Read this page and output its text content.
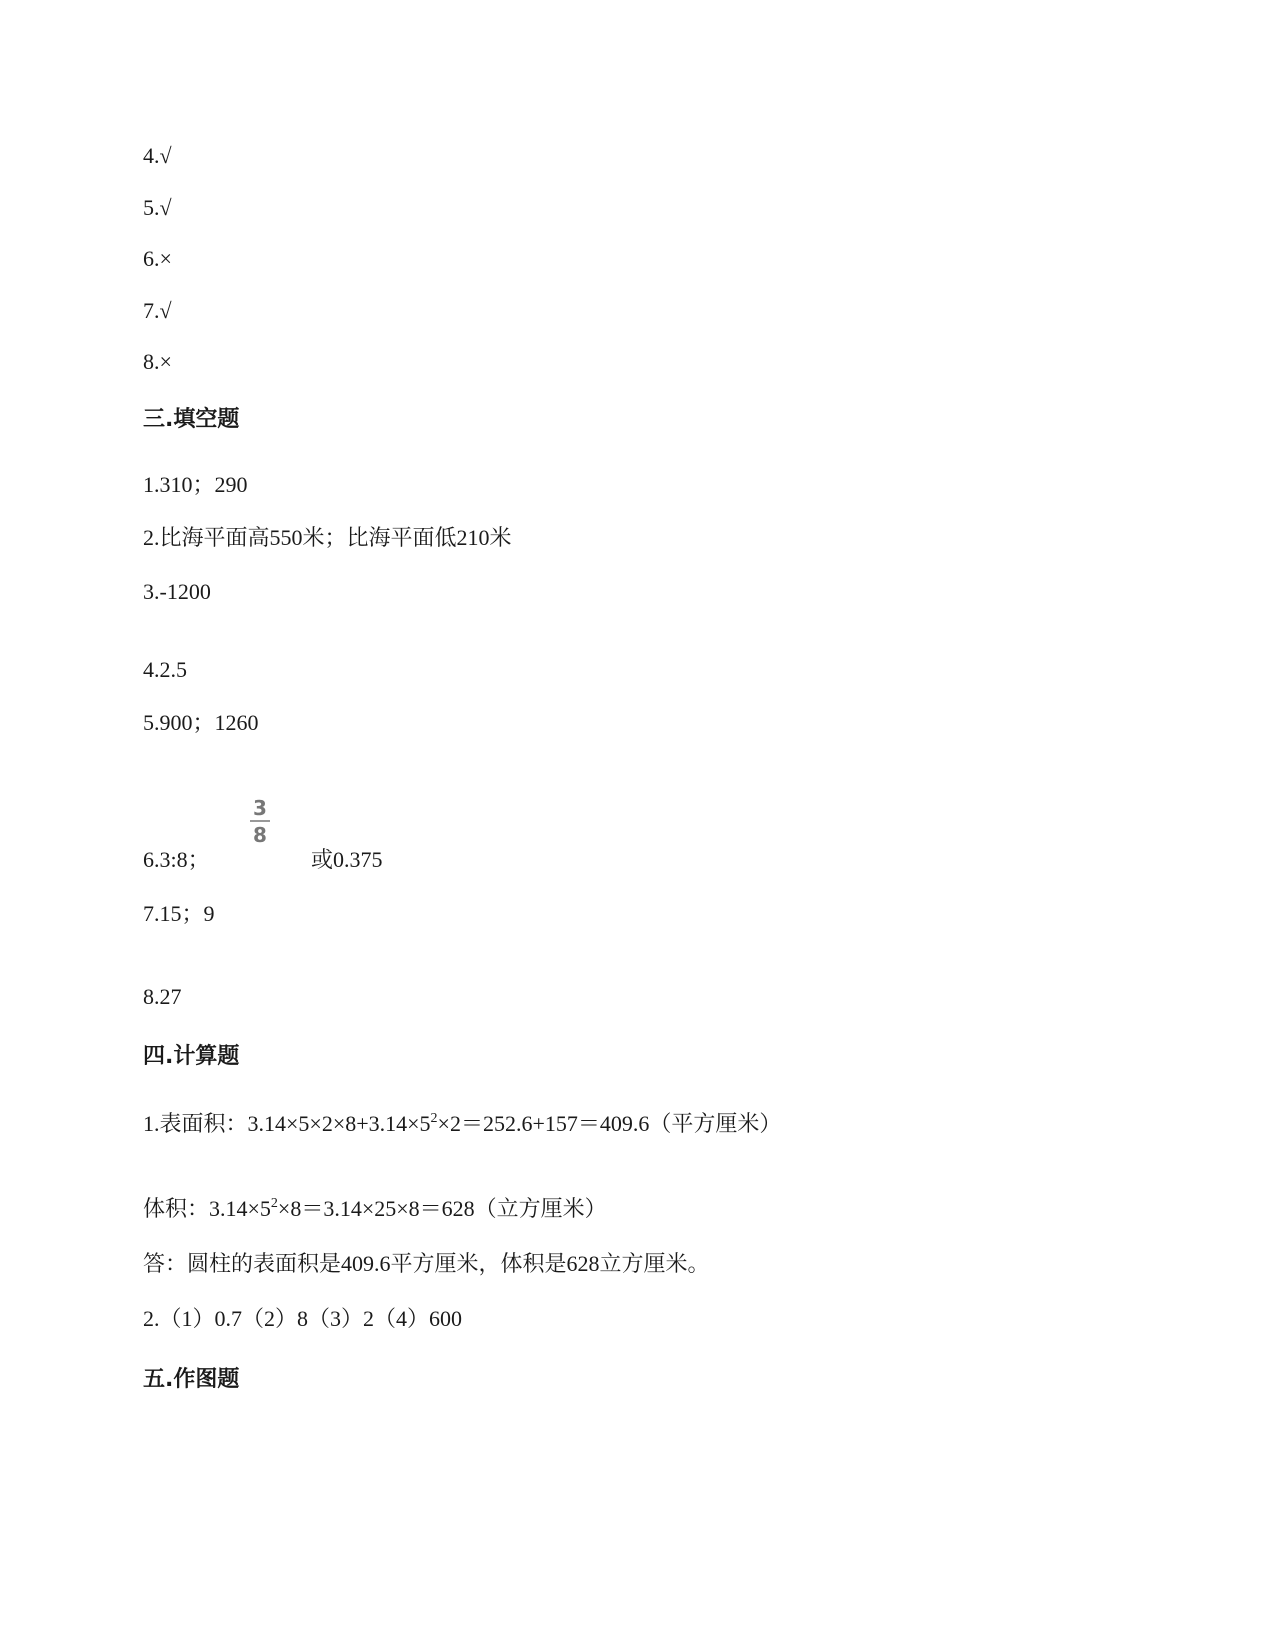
4.√
5.√
6.×
7.√
8.×
三.填空题
1.310；290
2.比海平面高550米；比海平面低210米
3.-1200
4.2.5
5.900；1260
6.3:8；
3
8
或0.375
7.15；9
8.27
四.计算题
1.表面积：$3.14\times 5\times 2\times 8+3.14\times 5^2\times 2=252.6+157=409.6$（平方厘米）
体积：$3.14\times 5^2\times 8=3.14\times 25\times 8=628$（立方厘米）
答：圆柱的表面积是409.6平方厘米，体积是628立方厘米。
2.（1）0.7（2）8（3）2（4）600
五.作图题
